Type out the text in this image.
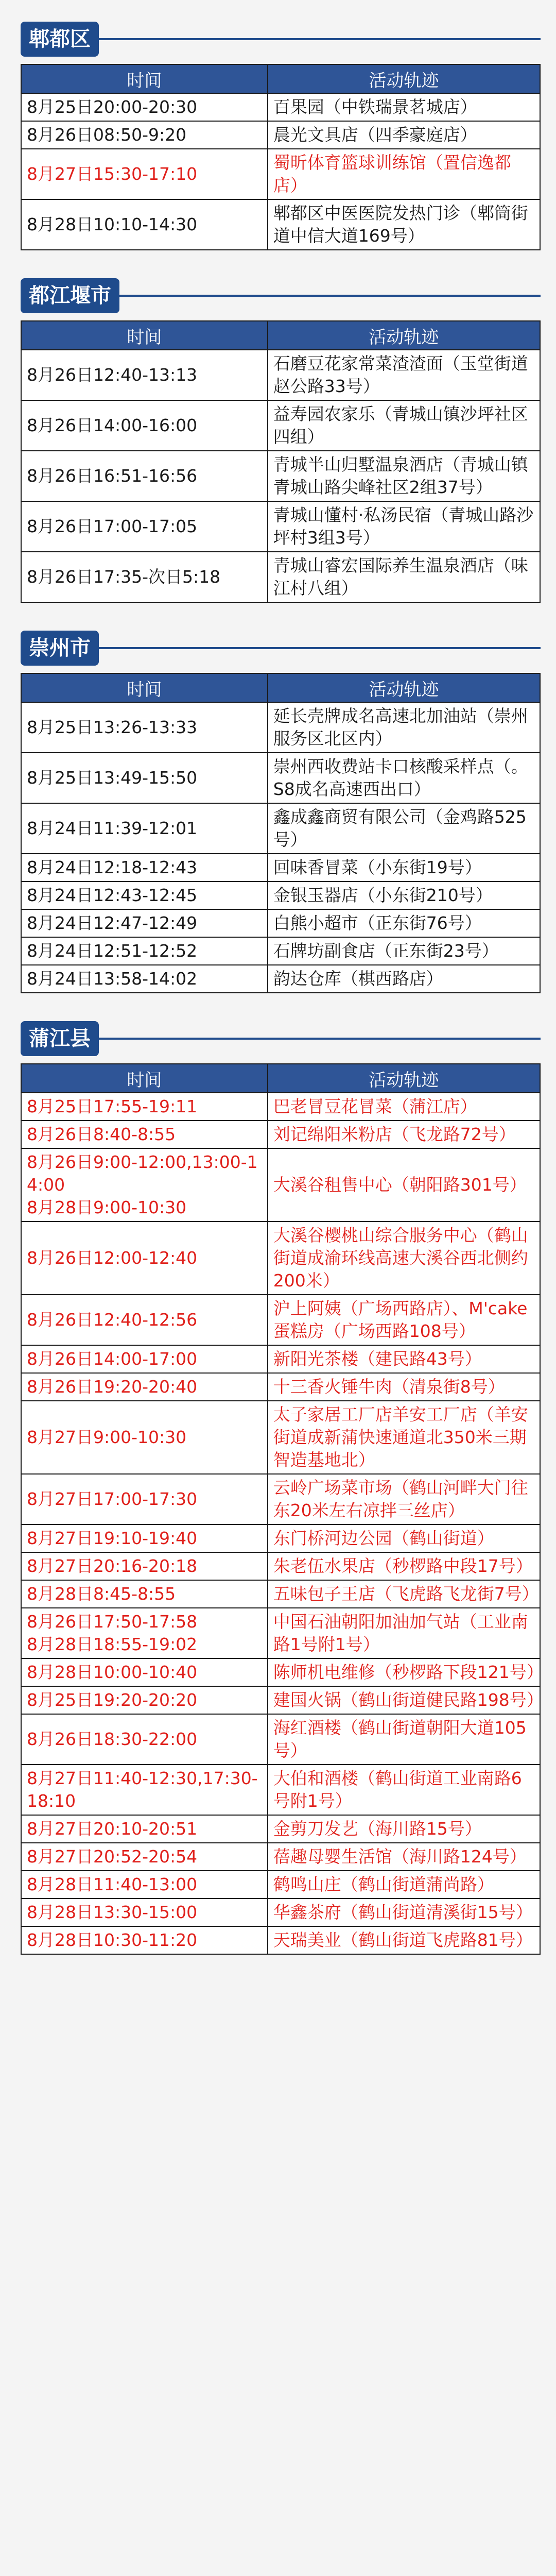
郫都区
时间	活动轨迹
8月25日20:00-20:30	百果园（中铁瑞景茗城店）
8月26日08:50-9:20	晨光文具店（四季豪庭店）
8月27日15:30-17:10	蜀昕体育篮球训练馆（置信逸都店）
8月28日10:10-14:30	郫都区中医医院发热门诊（郫筒街道中信大道169号）
都江堰市
时间	活动轨迹
8月26日12:40-13:13	石磨豆花家常菜渣渣面（玉堂街道赵公路33号）
8月26日14:00-16:00	益寿园农家乐（青城山镇沙坪社区四组）
8月26日16:51-16:56	青城半山归墅温泉酒店（青城山镇青城山路尖峰社区2组37号）
8月26日17:00-17:05	青城山懂村·私汤民宿（青城山路沙坪村3组3号）
8月26日17:35-次日5:18	青城山睿宏国际养生温泉酒店（味江村八组）
崇州市
时间	活动轨迹
8月25日13:26-13:33	延长壳牌成名高速北加油站（崇州服务区北区内）
8月25日13:49-15:50	崇州西收费站卡口核酸采样点（。S8成名高速西出口）
8月24日11:39-12:01	鑫成鑫商贸有限公司（金鸡路525号）
8月24日12:18-12:43	回味香冒菜（小东街19号）
8月24日12:43-12:45	金银玉器店（小东街210号）
8月24日12:47-12:49	白熊小超市（正东街76号）
8月24日12:51-12:52	石牌坊副食店（正东街23号）
8月24日13:58-14:02	韵达仓库（棋西路店）
蒲江县
时间	活动轨迹
8月25日17:55-19:11	巴老冒豆花冒菜（蒲江店）
8月26日8:40-8:55	刘记绵阳米粉店（飞龙路72号）
8月26日9:00-12:00,13:00-14:00
8月28日9:00-10:30	大溪谷租售中心（朝阳路301号）
8月26日12:00-12:40	大溪谷樱桃山综合服务中心（鹤山街道成渝环线高速大溪谷西北侧约200米）
8月26日12:40-12:56	沪上阿姨（广场西路店）、M'cake蛋糕房（广场西路108号）
8月26日14:00-17:00	新阳光茶楼（建民路43号）
8月26日19:20-20:40	十三香火锤牛肉（清泉街8号）
8月27日9:00-10:30	太子家居工厂店羊安工厂店（羊安街道成新蒲快速通道北350米三期智造基地北）
8月27日17:00-17:30	云岭广场菜市场（鹤山河畔大门往东20米左右凉拌三丝店）
8月27日19:10-19:40	东门桥河边公园（鹤山街道）
8月27日20:16-20:18	朱老伍水果店（秒椤路中段17号）
8月28日8:45-8:55	五味包子王店（飞虎路飞龙街7号）
8月26日17:50-17:58
8月28日18:55-19:02	中国石油朝阳加油加气站（工业南路1号附1号）
8月28日10:00-10:40	陈师机电维修（秒椤路下段121号）
8月25日19:20-20:20	建国火锅（鹤山街道健民路198号）
8月26日18:30-22:00	海红酒楼（鹤山街道朝阳大道105号）
8月27日11:40-12:30,17:30-18:10	大伯和酒楼（鹤山街道工业南路6号附1号）
8月27日20:10-20:51	金剪刀发艺（海川路15号）
8月27日20:52-20:54	蓓趣母婴生活馆（海川路124号）
8月28日11:40-13:00	鹤鸣山庄（鹤山街道蒲尚路）
8月28日13:30-15:00	华鑫茶府（鹤山街道清溪街15号）
8月28日10:30-11:20	天瑞美业（鹤山街道飞虎路81号）
